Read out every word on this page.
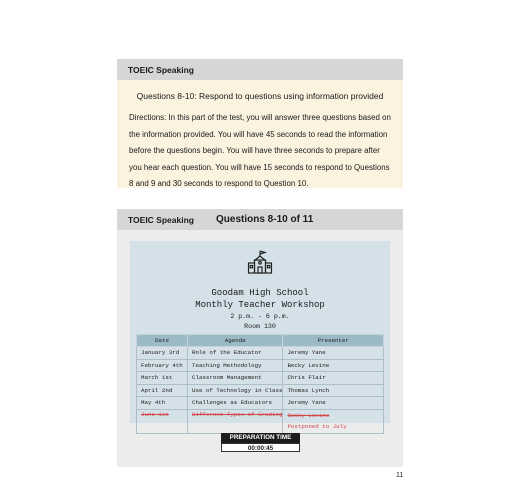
TOEIC Speaking
Questions 8-10: Respond to questions using information provided
Directions: In this part of the test, you will answer three questions based on the information provided. You will have 45 seconds to read the information before the questions begin. You will have three seconds to prepare after you hear each question. You will have 15 seconds to respond to Questions 8 and 9 and 30 seconds to respond to Question 10.
TOEIC Speaking	Questions 8-10 of 11
Goodam High School
Monthly Teacher Workshop
2 p.m. - 6 p.m.
Room 130
Date	Agenda	Presenter
January 3rd	Role of the Educator	Jeremy Yane
February 4th	Teaching Methodology	Becky Levine
March 1st	Classroom Management	Chris Flair
April 2nd	Use of Technology in Class	Thomas Lynch
May 4th	Challenges as Educators	Jeremy Yane
June 1st	Different Types of Grading	Becky Levine
Postponed to July
PREPARATION TIME
00:00:45
11
